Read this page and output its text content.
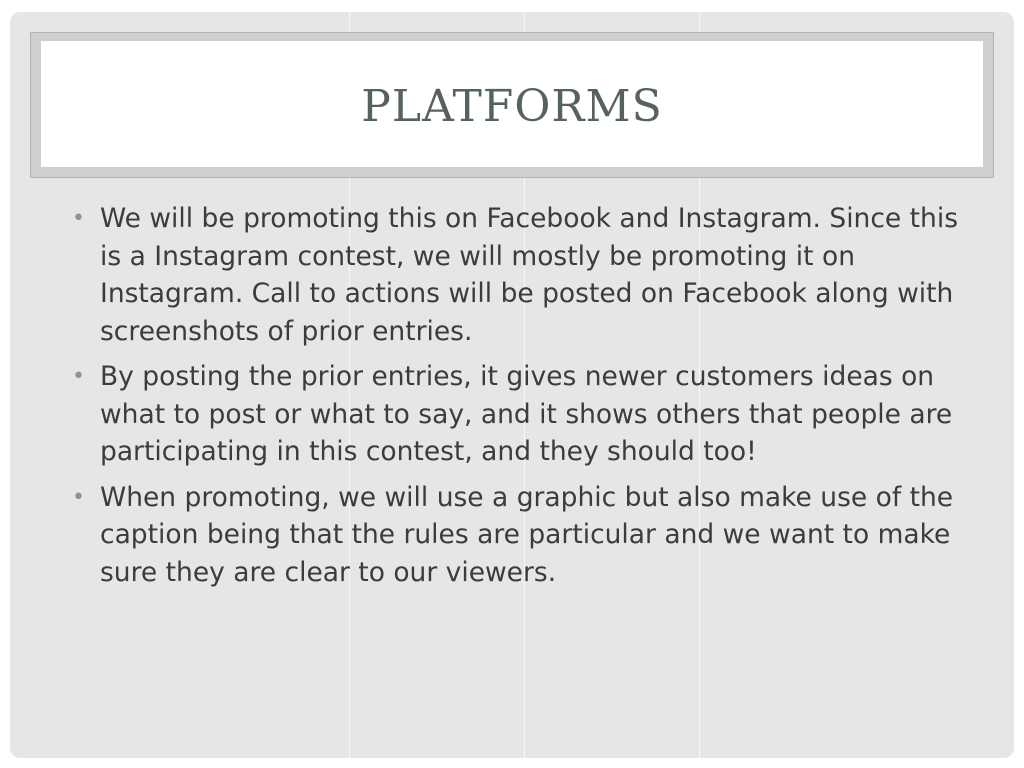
PLATFORMS
• We will be promoting this on Facebook and Instagram. Since this is a Instagram contest, we will mostly be promoting it on Instagram. Call to actions will be posted on Facebook along with screenshots of prior entries.
• By posting the prior entries, it gives newer customers ideas on what to post or what to say, and it shows others that people are participating in this contest, and they should too!
• When promoting, we will use a graphic but also make use of the caption being that the rules are particular and we want to make sure they are clear to our viewers.
